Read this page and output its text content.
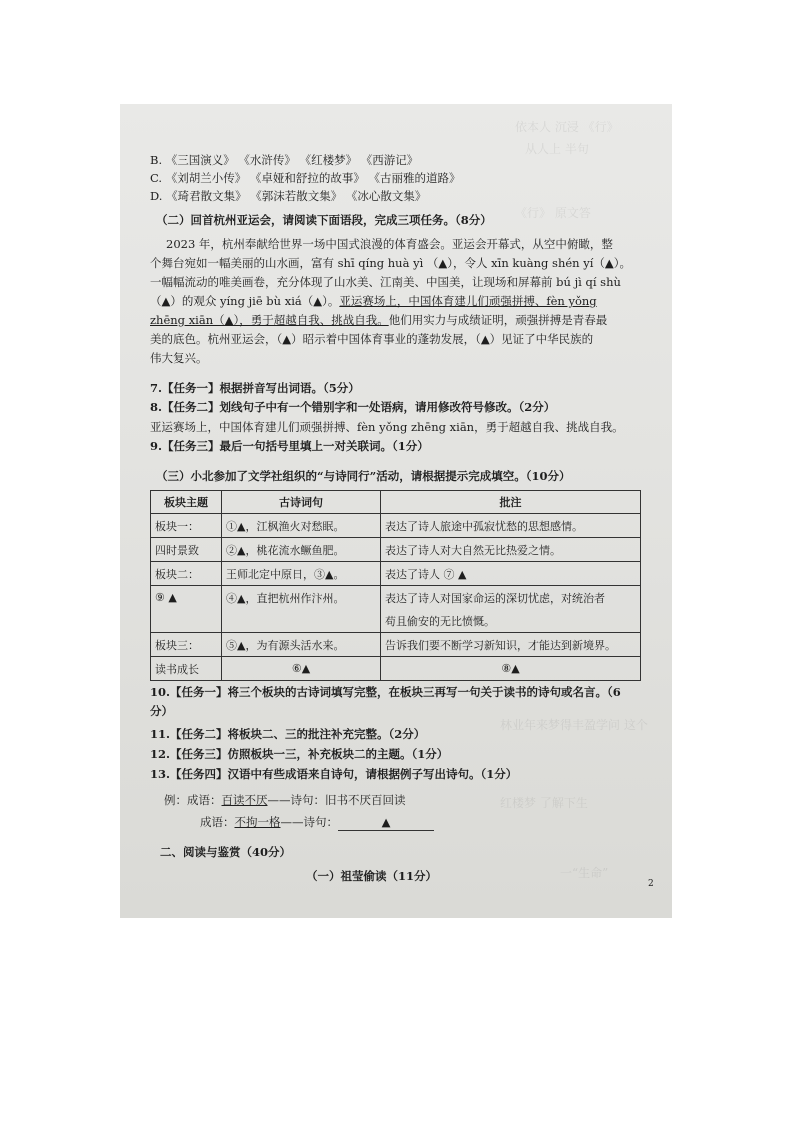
依本人 沉浸 《行》
从人上 半句
《行》 原文答
林业年来梦得丰盈学问 这个
红楼梦 了解下生
一“生命”
B. 《三国演义》 《水浒传》 《红楼梦》 《西游记》
C. 《刘胡兰小传》 《卓娅和舒拉的故事》 《古丽雅的道路》
D. 《琦君散文集》 《郭沫若散文集》 《冰心散文集》
（二）回首杭州亚运会，请阅读下面语段，完成三项任务。（8分）
2023 年，杭州奉献给世界一场中国式浪漫的体育盛会。亚运会开幕式，从空中俯瞰，整
个舞台宛如一幅美丽的山水画，富有 shī qíng huà yì （▲），令人 xīn kuàng shén yí（▲）。
一幅幅流动的唯美画卷，充分体现了山水美、江南美、中国美，让现场和屏幕前 bú jì qí shù
（▲）的观众 yíng jiē bù xiá（▲）。亚运赛场上，中国体育建儿们顽强拼搏、fèn yǒng
zhēng xiān（▲），勇于超越自我、挑战自我。他们用实力与成绩证明，顽强拼搏是青春最
美的底色。杭州亚运会，（▲）昭示着中国体育事业的蓬勃发展，（▲）见证了中华民族的
伟大复兴。
7.【任务一】根据拼音写出词语。（5分）
8.【任务二】划线句子中有一个错别字和一处语病，请用修改符号修改。（2分）
亚运赛场上，中国体育建儿们顽强拼搏、fèn yǒng zhēng xiān，勇于超越自我、挑战自我。
9.【任务三】最后一句括号里填上一对关联词。（1分）
（三）小北参加了文学社组织的“与诗同行”活动，请根据提示完成填空。（10分）
板块主题	古诗词句	批注
板块一：	①▲，江枫渔火对愁眠。	表达了诗人旅途中孤寂忧愁的思想感情。
四时景致	②▲，桃花流水鳜鱼肥。	表达了诗人对大自然无比热爱之情。
板块二：	王师北定中原日，③▲。	表达了诗人 ⑦ ▲
⑨ ▲	④▲，直把杭州作汴州。	表达了诗人对国家命运的深切忧虑，对统治者
		苟且偷安的无比愤慨。
板块三：	⑤▲，为有源头活水来。	告诉我们要不断学习新知识，才能达到新境界。
读书成长	⑥▲	⑧▲
10.【任务一】将三个板块的古诗词填写完整，在板块三再写一句关于读书的诗句或名言。（6
分）
11.【任务二】将板块二、三的批注补充完整。（2分）
12.【任务三】仿照板块一三，补充板块二的主题。（1分）
13.【任务四】汉语中有些成语来自诗句，请根据例子写出诗句。（1分）
例：成语：百读不厌——诗句：旧书不厌百回读
成语：不拘一格——诗句：	▲
二、阅读与鉴赏（40分）
（一）祖莹偷读（11分）
2
